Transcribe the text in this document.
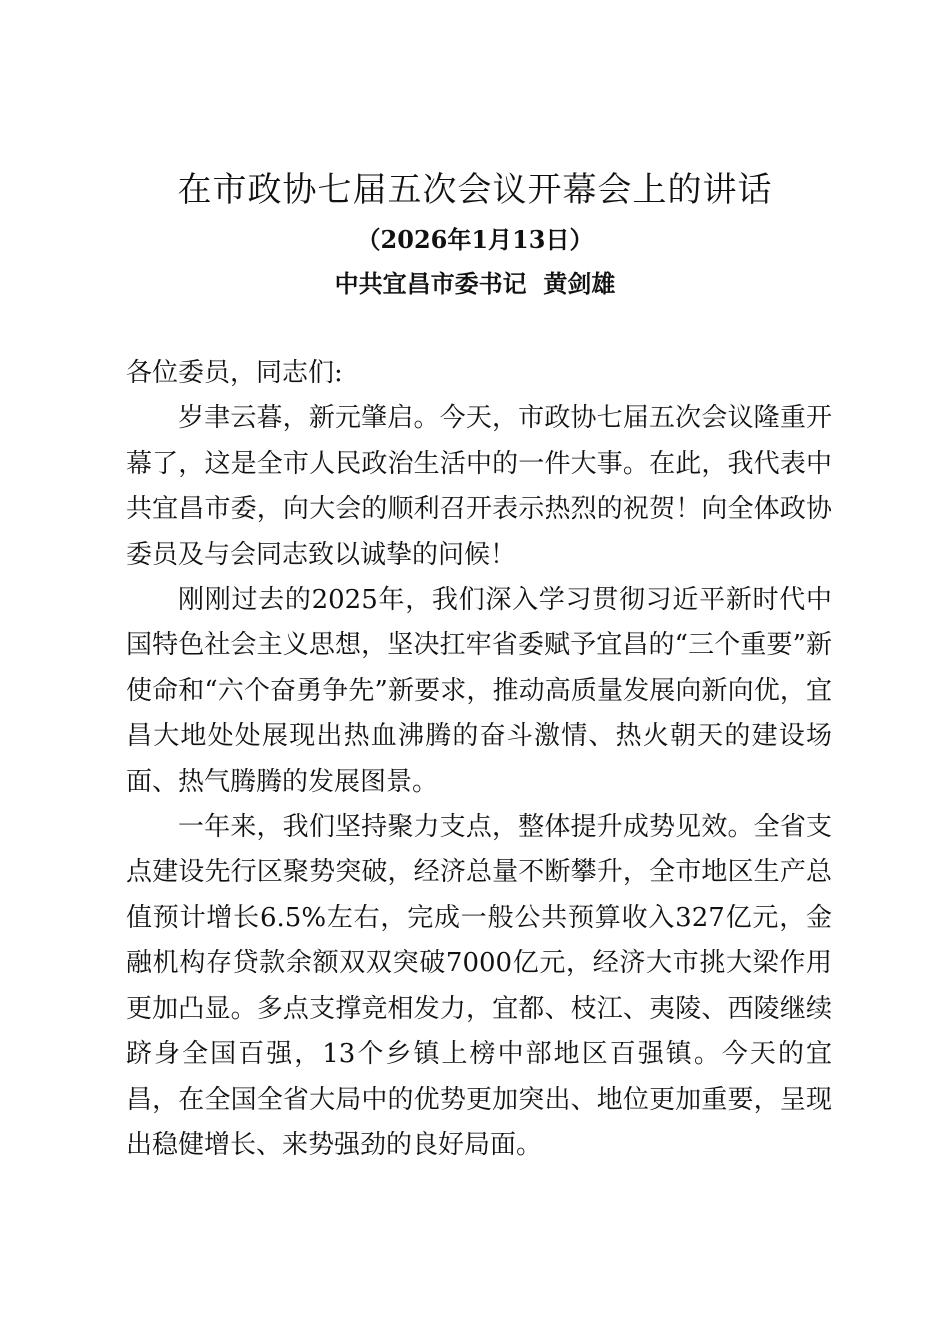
在市政协七届五次会议开幕会上的讲话
（2026年1月13日）
中共宜昌市委书记  黄剑雄

各位委员，同志们:

岁聿云暮，新元肇启。今天，市政协七届五次会议隆重开幕了，这是全市人民政治生活中的一件大事。在此，我代表中共宜昌市委，向大会的顺利召开表示热烈的祝贺！向全体政协委员及与会同志致以诚挚的问候！

刚刚过去的2025年，我们深入学习贯彻习近平新时代中国特色社会主义思想，坚决扛牢省委赋予宜昌的“三个重要”新使命和“六个奋勇争先”新要求，推动高质量发展向新向优，宜昌大地处处展现出热血沸腾的奋斗激情、热火朝天的建设场面、热气腾腾的发展图景。

一年来，我们坚持聚力支点，整体提升成势见效。全省支点建设先行区聚势突破，经济总量不断攀升，全市地区生产总值预计增长6.5%左右，完成一般公共预算收入327亿元，金融机构存贷款余额双双突破7000亿元，经济大市挑大梁作用更加凸显。多点支撑竞相发力，宜都、枝江、夷陵、西陵继续跻身全国百强，13个乡镇上榜中部地区百强镇。今天的宜昌，在全国全省大局中的优势更加突出、地位更加重要，呈现出稳健增长、来势强劲的良好局面。
